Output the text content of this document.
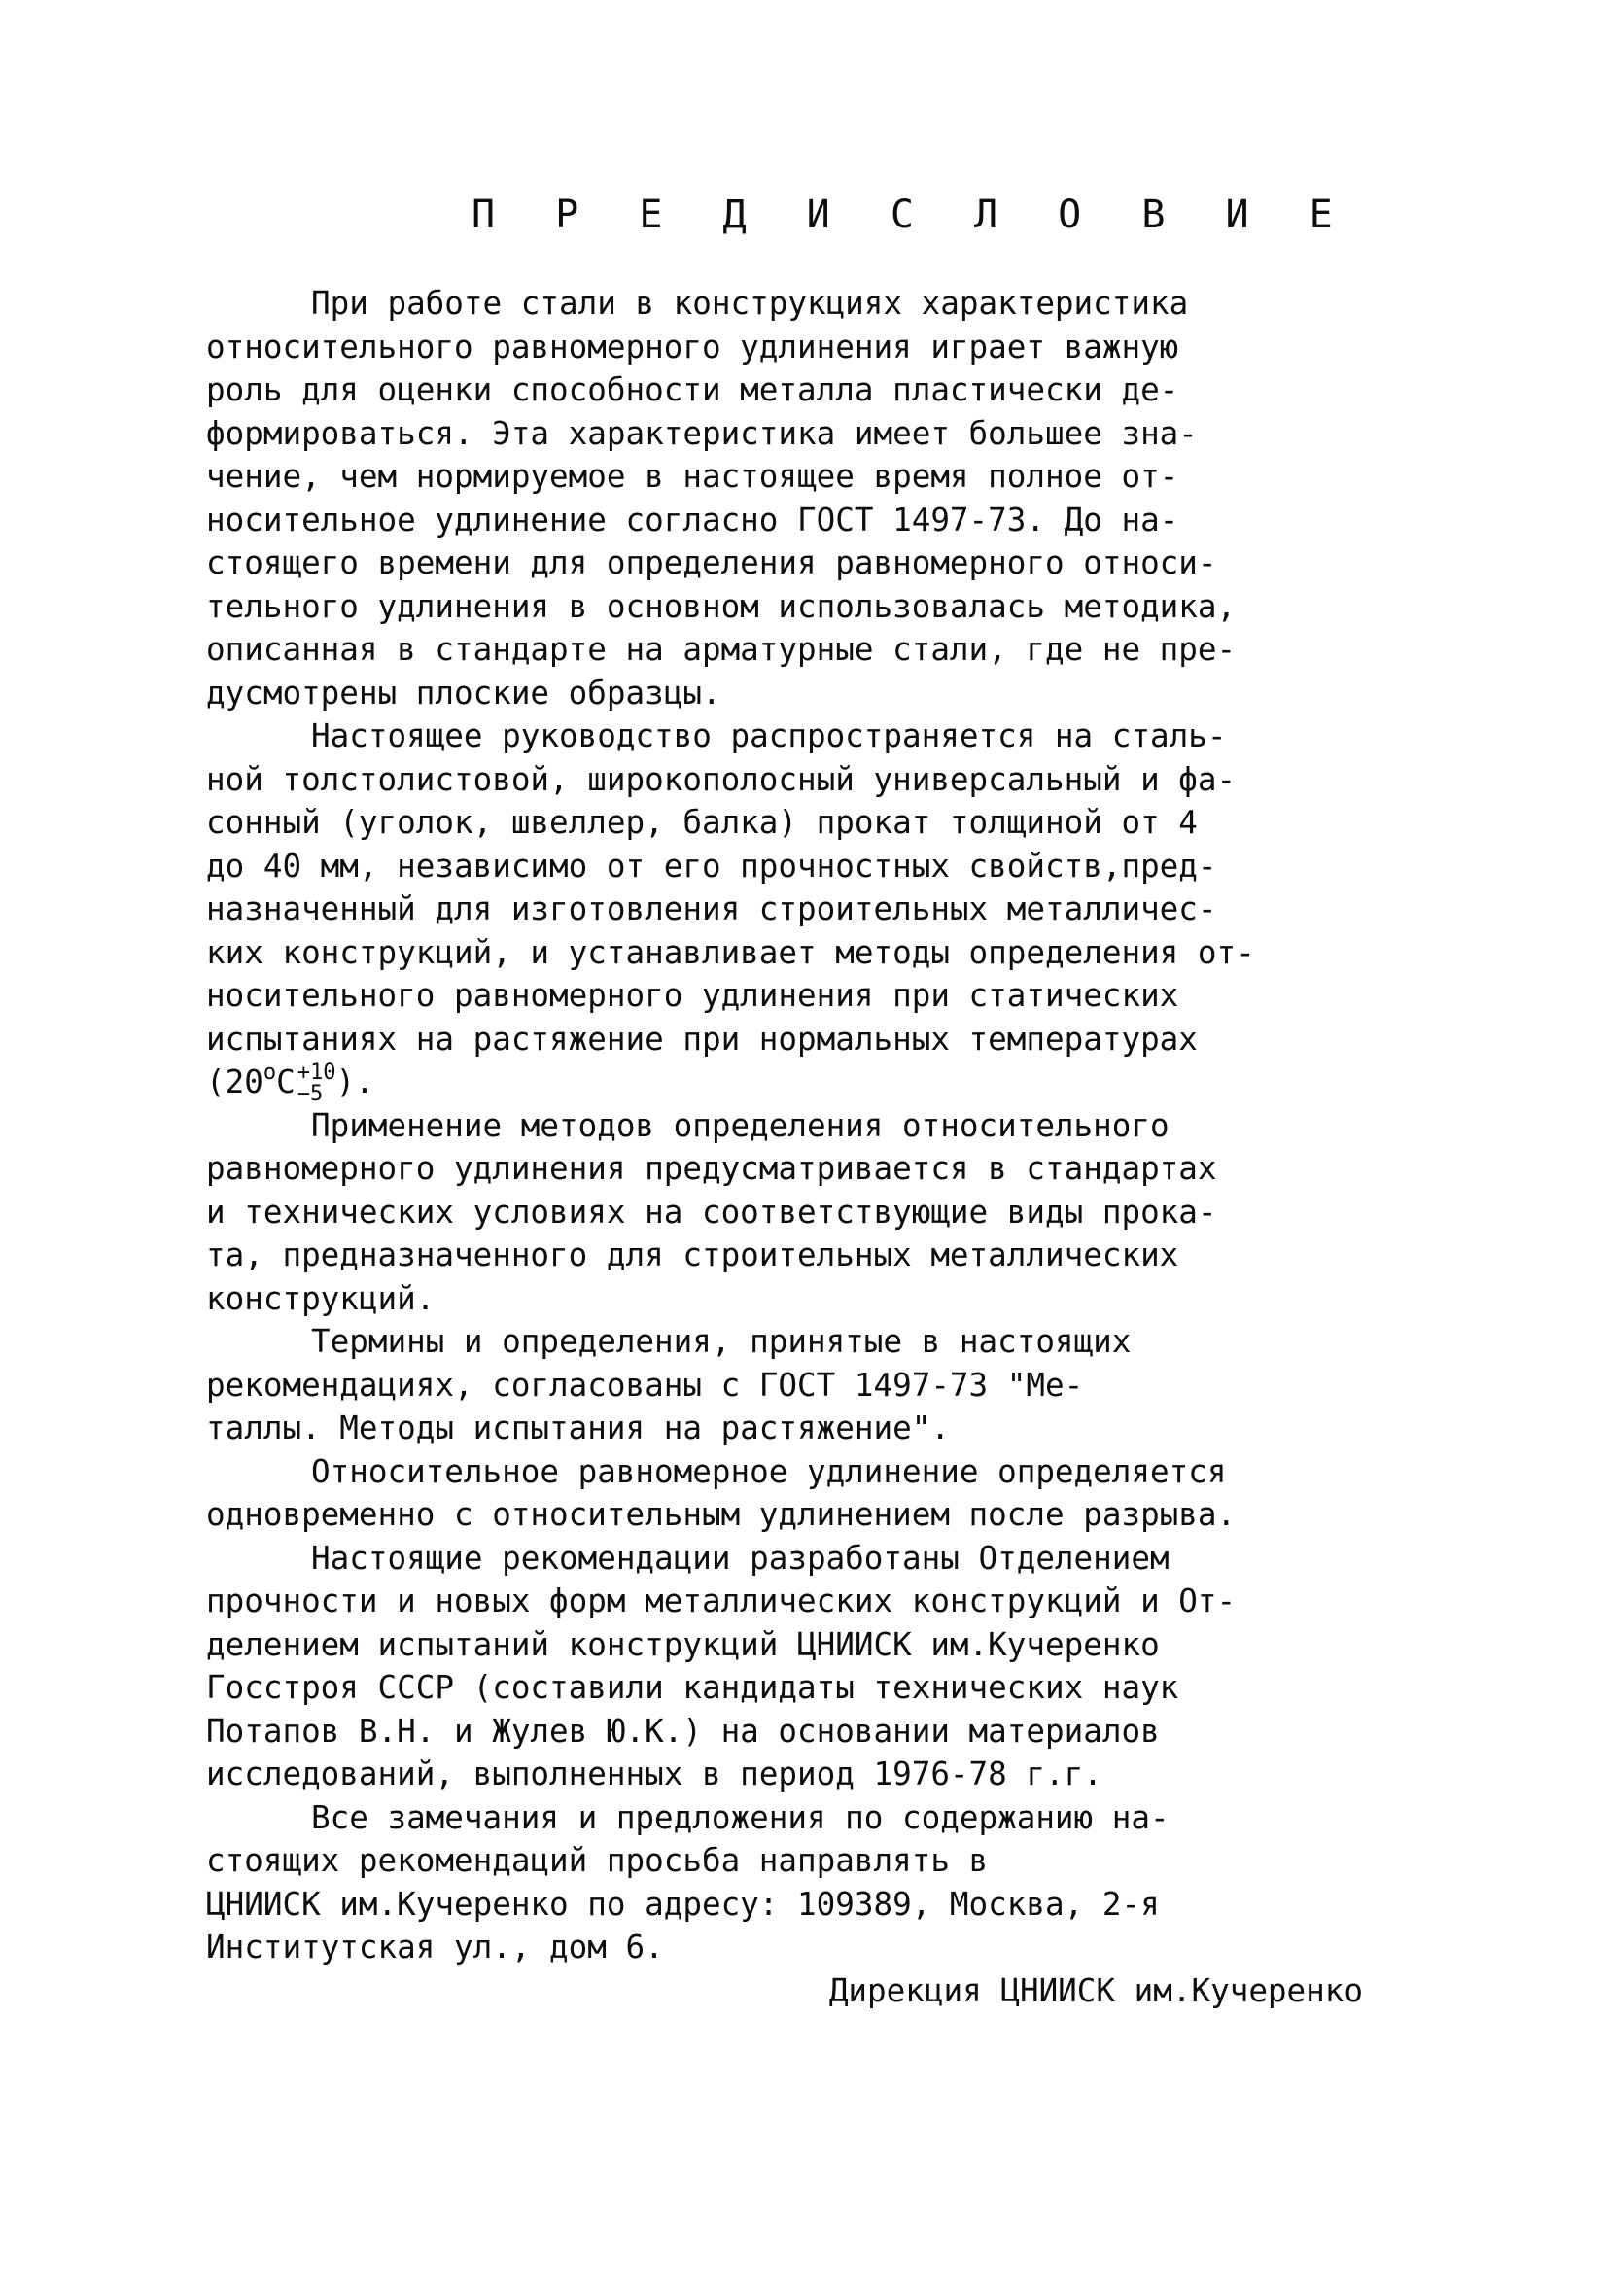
П Р Е Д И С Л О В И Е
При работе стали в конструкциях характеристика
относительного равномерного удлинения играет важную
роль для оценки способности металла пластически де-
формироваться. Эта характеристика имеет большее зна-
чение, чем нормируемое в настоящее время полное от-
носительное удлинение согласно ГОСТ 1497-73. До на-
стоящего времени для определения равномерного относи-
тельного удлинения в основном использовалась методика,
описанная в стандарте на арматурные стали, где не пре-
дусмотрены плоские образцы.
Настоящее руководство распространяется на сталь-
ной толстолистовой, широкополосный универсальный и фа-
сонный (уголок, швеллер, балка) прокат толщиной от 4
до 40 мм, независимо от его прочностных свойств,пред-
назначенный для изготовления строительных металличес-
ких конструкций, и устанавливает методы определения от-
носительного равномерного удлинения при статических
испытаниях на растяжение при нормальных температурах
($20^oC +10$
−5 ).
Применение методов определения относительного
равномерного удлинения предусматривается в стандартах
и технических условиях на соответствующие виды прока-
та, предназначенного для строительных металлических
конструкций.
Термины и определения, принятые в настоящих
рекомендациях, согласованы с ГОСТ 1497-73 "Ме-
таллы. Методы испытания на растяжение".
Относительное равномерное удлинение определяется
одновременно с относительным удлинением после разрыва.
Настоящие рекомендации разработаны Отделением
прочности и новых форм металлических конструкций и От-
делением испытаний конструкций ЦНИИСК им.Кучеренко
Госстроя СССР (составили кандидаты технических наук
Потапов В.Н. и Жулев Ю.К.) на основании материалов
исследований, выполненных в период 1976-78 г.г.
Все замечания и предложения по содержанию на-
стоящих рекомендаций просьба направлять в
ЦНИИСК им.Кучеренко по адресу: 109389, Москва, 2-я
Институтская ул., дом 6.
Дирекция ЦНИИСК им.Кучеренко
